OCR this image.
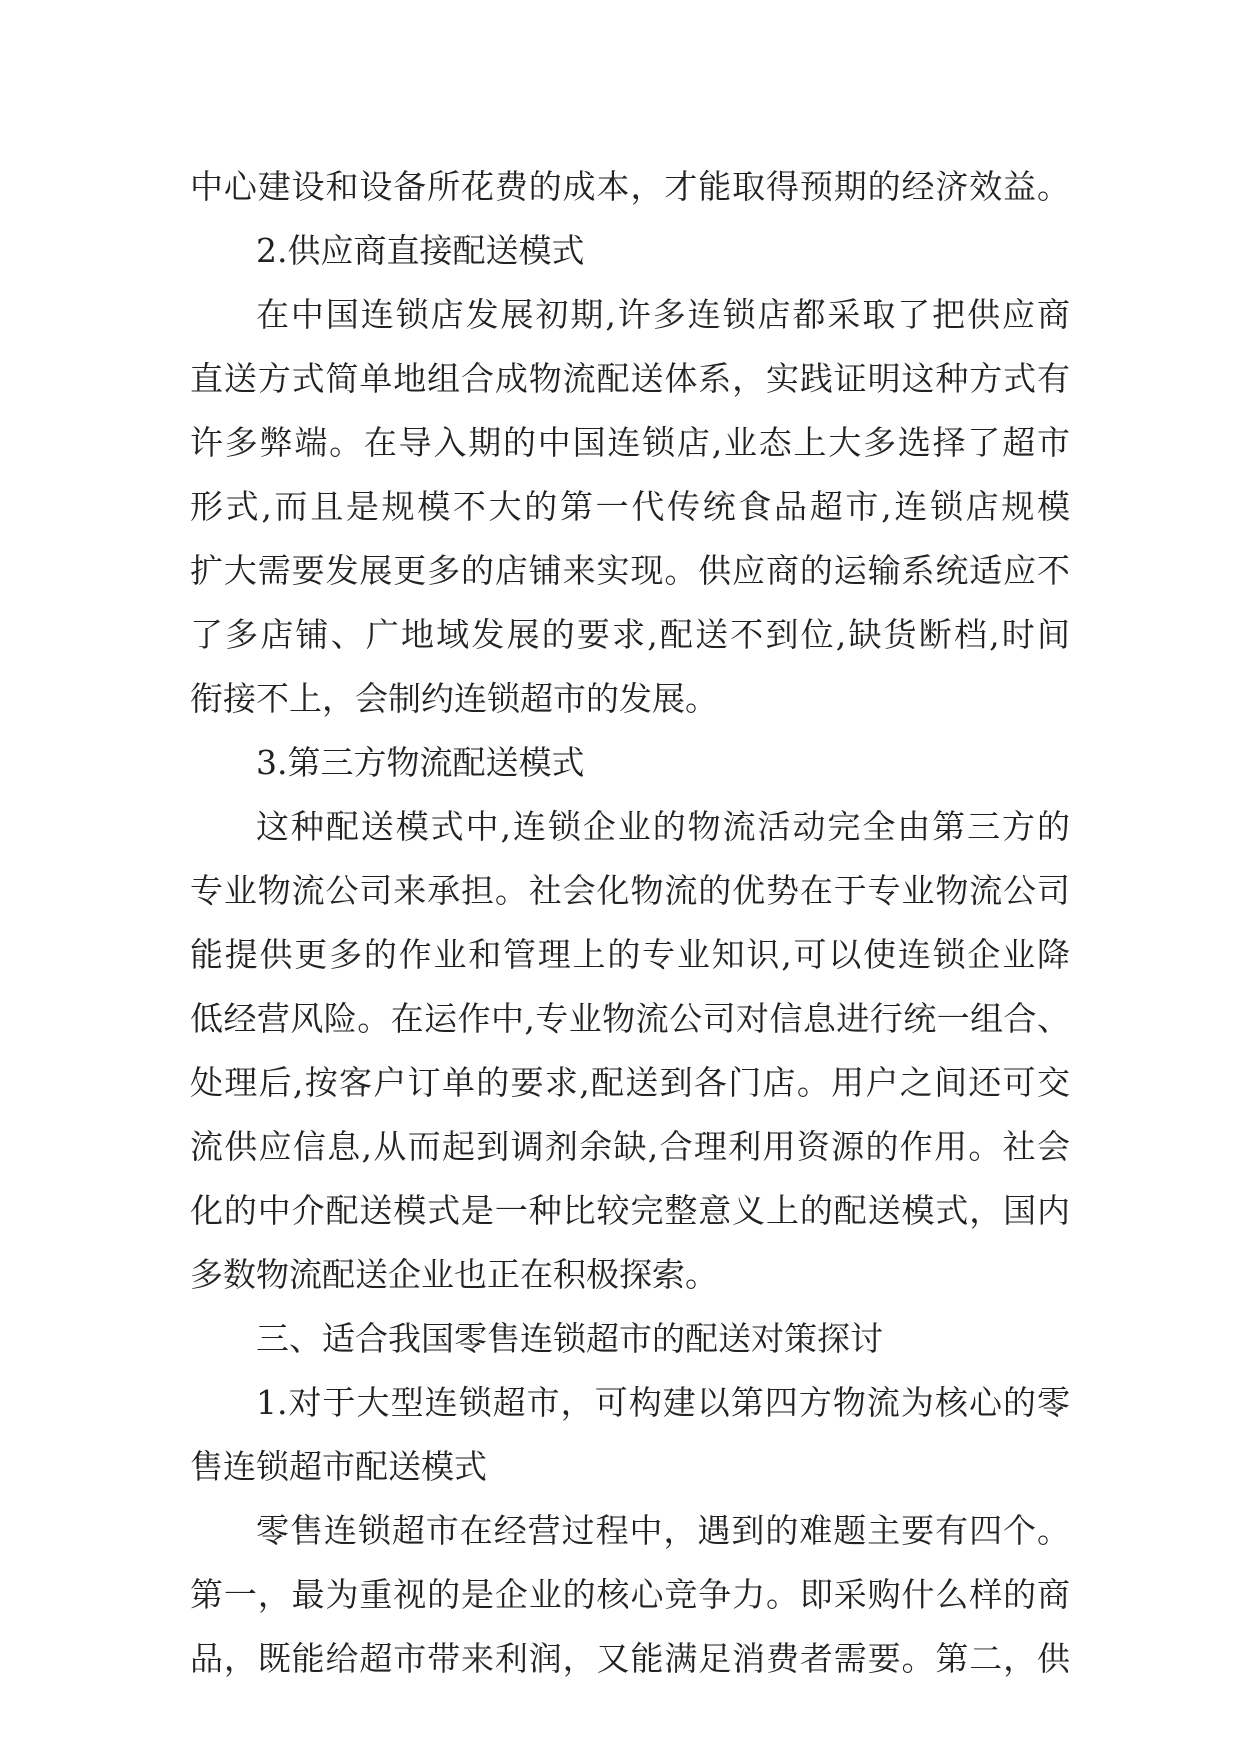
中心建设和设备所花费的成本，才能取得预期的经济效益。
2.供应商直接配送模式
在中国连锁店发展初期,许多连锁店都采取了把供应商
直送方式简单地组合成物流配送体系，实践证明这种方式有
许多弊端。在导入期的中国连锁店,业态上大多选择了超市
形式,而且是规模不大的第一代传统食品超市,连锁店规模
扩大需要发展更多的店铺来实现。供应商的运输系统适应不
了多店铺、广地域发展的要求,配送不到位,缺货断档,时间
衔接不上，会制约连锁超市的发展。
3.第三方物流配送模式
这种配送模式中,连锁企业的物流活动完全由第三方的
专业物流公司来承担。社会化物流的优势在于专业物流公司
能提供更多的作业和管理上的专业知识,可以使连锁企业降
低经营风险。在运作中,专业物流公司对信息进行统一组合、
处理后,按客户订单的要求,配送到各门店。用户之间还可交
流供应信息,从而起到调剂余缺,合理利用资源的作用。社会
化的中介配送模式是一种比较完整意义上的配送模式，国内
多数物流配送企业也正在积极探索。
三、适合我国零售连锁超市的配送对策探讨
1.对于大型连锁超市，可构建以第四方物流为核心的零
售连锁超市配送模式
零售连锁超市在经营过程中，遇到的难题主要有四个。
第一，最为重视的是企业的核心竞争力。即采购什么样的商
品，既能给超市带来利润，又能满足消费者需要。第二，供
